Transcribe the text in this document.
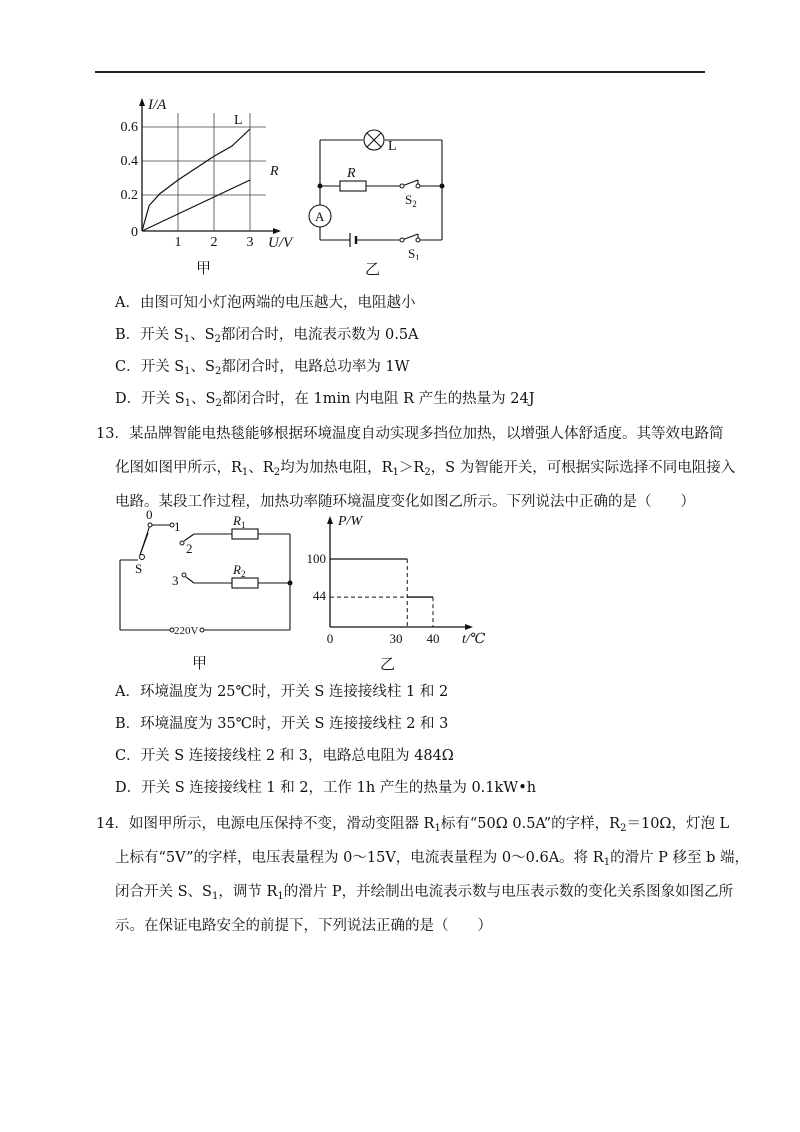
I/A
0.6
0.4
0.2
0
1 2 3 U/V
L
R
甲
L
R
A
$S_2$
$S_1$
乙
A．由图可知小灯泡两端的电压越大，电阻越小
B．开关 $S_1$、$S_2$都闭合时，电流表示数为 0.5A
C．开关 $S_1$、$S_2$都闭合时，电路总功率为 1W
D．开关 $S_1$、$S_2$都闭合时，在 1min 内电阻 R 产生的热量为 24J
13．某品牌智能电热毯能够根据环境温度自动实现多挡位加热，以增强人体舒适度。其等效电路简
化图如图甲所示，$R_1$、$R_2$均为加热电阻，$R_1>R_2$，S 为智能开关，可根据实际选择不同电阻接入
电路。某段工作过程，加热功率随环境温度变化如图乙所示。下列说法中正确的是（　　）
0
1
2
3
S
$R_1$
$R_2$
220V
甲
P/W
100
44
0	30 40 t/℃
乙
A．环境温度为 25℃时，开关 S 连接接线柱 1 和 2
B．环境温度为 35℃时，开关 S 连接接线柱 2 和 3
C．开关 S 连接接线柱 2 和 3，电路总电阻为 484Ω
D．开关 S 连接接线柱 1 和 2，工作 1h 产生的热量为 0.1kW•h
14．如图甲所示，电源电压保持不变，滑动变阻器 $R_1$标有“50Ω 0.5A”的字样，$R_2=10\Omega$，灯泡 L
上标有“5V”的字样，电压表量程为 0～15V，电流表量程为 0～0.6A。将 $R_1$的滑片 P 移至 b 端，
闭合开关 S、$S_1$，调节 $R_1$的滑片 P，并绘制出电流表示数与电压表示数的变化关系图象如图乙所
示。在保证电路安全的前提下，下列说法正确的是（　　）
